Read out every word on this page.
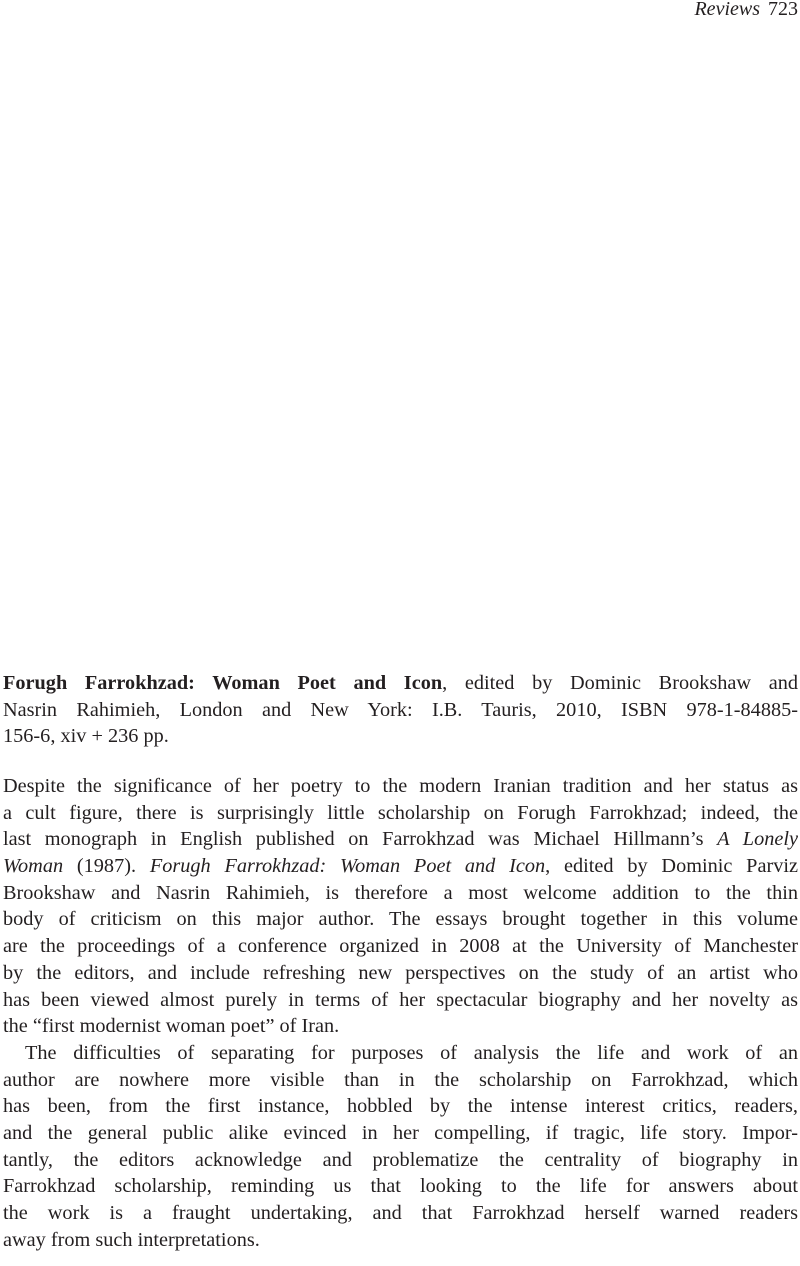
Reviews 723
Forugh Farrokhzad: Woman Poet and Icon, edited by Dominic Brookshaw and
Nasrin Rahimieh, London and New York: I.B. Tauris, 2010, ISBN 978-1-84885-
156-6, xiv + 236 pp.
Despite the significance of her poetry to the modern Iranian tradition and her status as
a cult figure, there is surprisingly little scholarship on Forugh Farrokhzad; indeed, the
last monograph in English published on Farrokhzad was Michael Hillmann’s A Lonely
Woman (1987). Forugh Farrokhzad: Woman Poet and Icon, edited by Dominic Parviz
Brookshaw and Nasrin Rahimieh, is therefore a most welcome addition to the thin
body of criticism on this major author. The essays brought together in this volume
are the proceedings of a conference organized in 2008 at the University of Manchester
by the editors, and include refreshing new perspectives on the study of an artist who
has been viewed almost purely in terms of her spectacular biography and her novelty as
the “first modernist woman poet” of Iran.
The difficulties of separating for purposes of analysis the life and work of an
author are nowhere more visible than in the scholarship on Farrokhzad, which
has been, from the first instance, hobbled by the intense interest critics, readers,
and the general public alike evinced in her compelling, if tragic, life story. Impor-
tantly, the editors acknowledge and problematize the centrality of biography in
Farrokhzad scholarship, reminding us that looking to the life for answers about
the work is a fraught undertaking, and that Farrokhzad herself warned readers
away from such interpretations.
